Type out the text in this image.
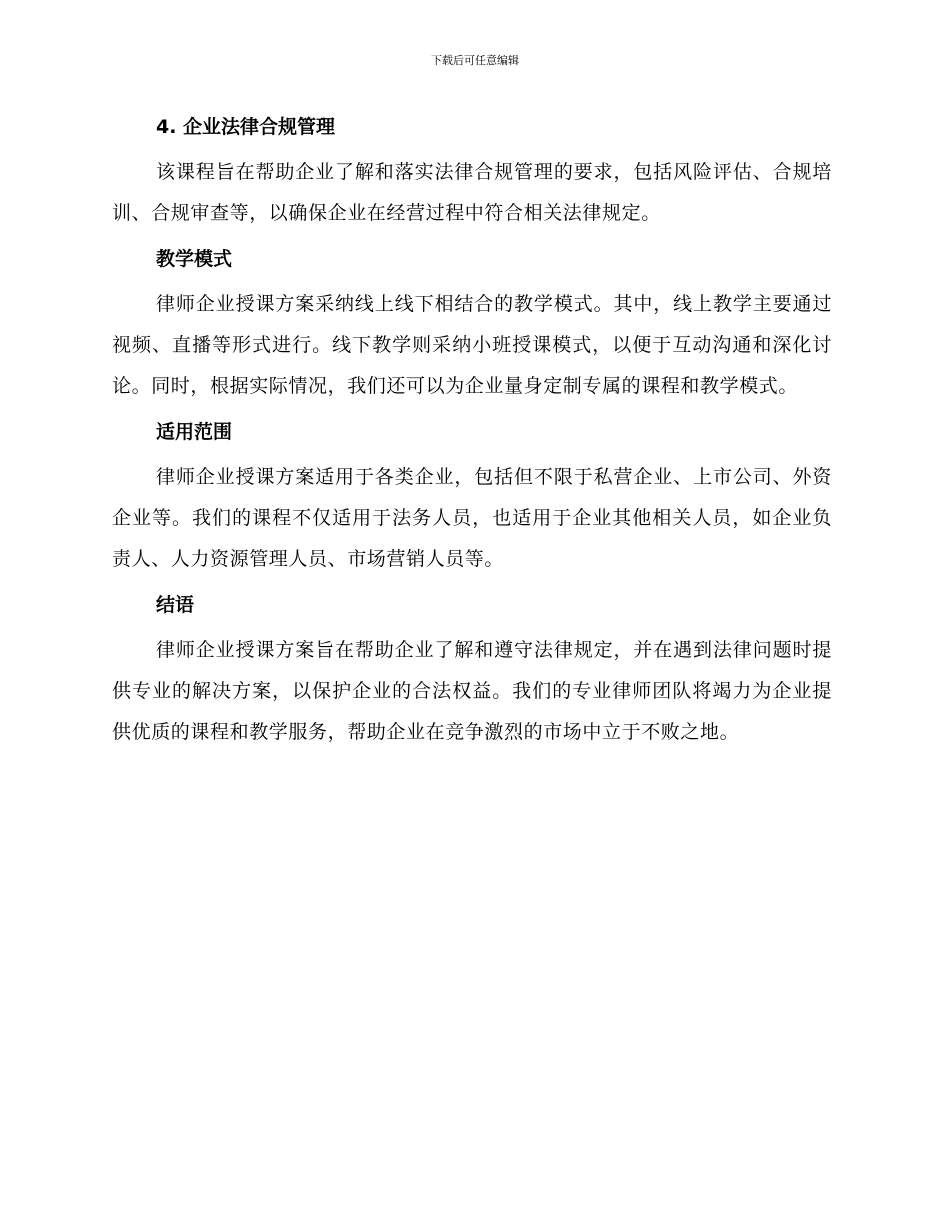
下载后可任意编辑
4. 企业法律合规管理

该课程旨在帮助企业了解和落实法律合规管理的要求，包括风险评估、合规培训、合规审查等，以确保企业在经营过程中符合相关法律规定。

教学模式

律师企业授课方案采纳线上线下相结合的教学模式。其中，线上教学主要通过视频、直播等形式进行。线下教学则采纳小班授课模式，以便于互动沟通和深化讨论。同时，根据实际情况，我们还可以为企业量身定制专属的课程和教学模式。

适用范围

律师企业授课方案适用于各类企业，包括但不限于私营企业、上市公司、外资企业等。我们的课程不仅适用于法务人员，也适用于企业其他相关人员，如企业负责人、人力资源管理人员、市场营销人员等。

结语

律师企业授课方案旨在帮助企业了解和遵守法律规定，并在遇到法律问题时提供专业的解决方案，以保护企业的合法权益。我们的专业律师团队将竭力为企业提供优质的课程和教学服务，帮助企业在竞争激烈的市场中立于不败之地。
